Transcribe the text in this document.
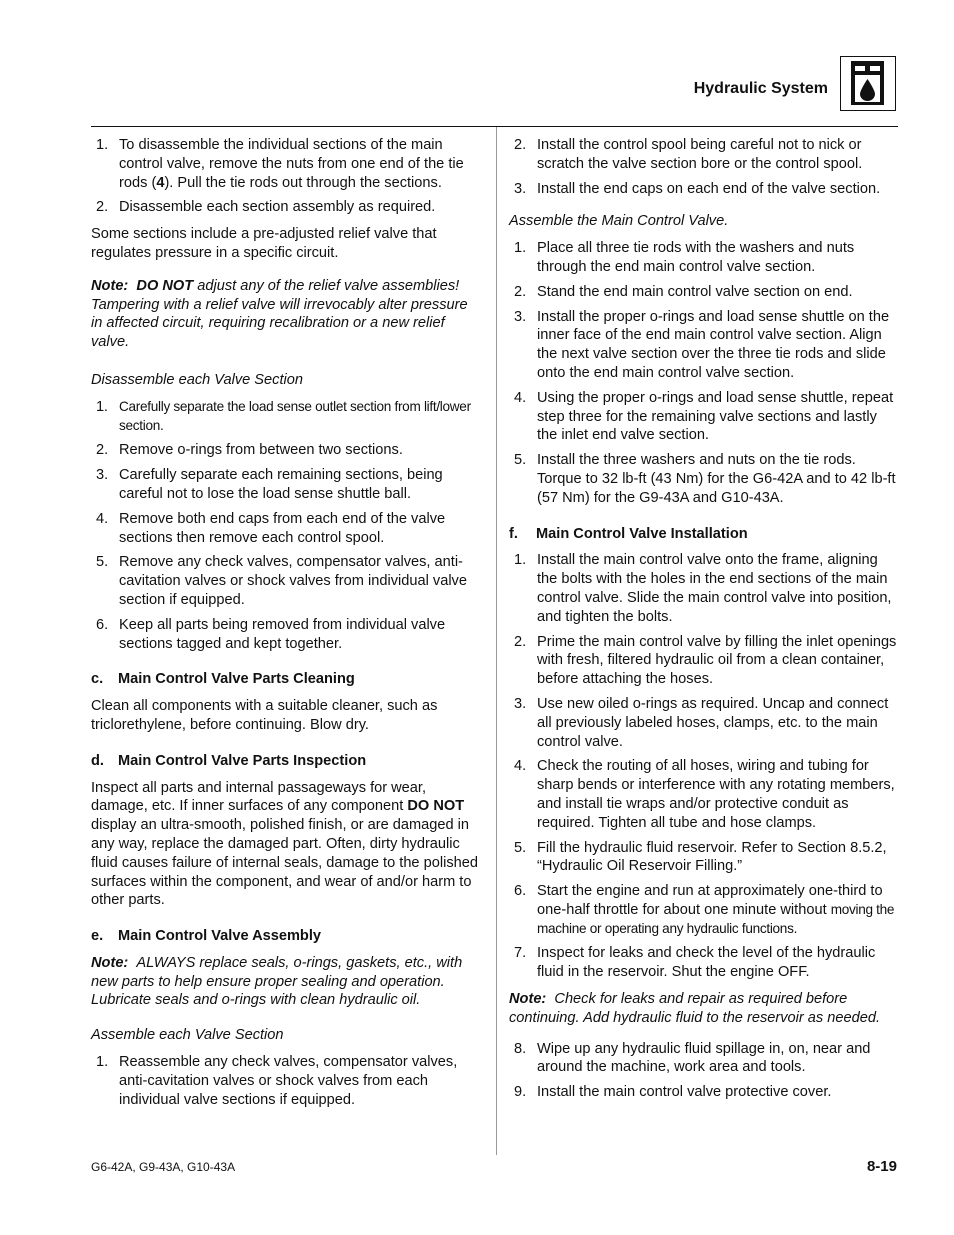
Hydraulic System
1. To disassemble the individual sections of the main control valve, remove the nuts from one end of the tie rods (4). Pull the tie rods out through the sections.
2. Disassemble each section assembly as required.

Some sections include a pre-adjusted relief valve that regulates pressure in a specific circuit.

Note: DO NOT adjust any of the relief valve assemblies! Tampering with a relief valve will irrevocably alter pressure in affected circuit, requiring recalibration or a new relief valve.

Disassemble each Valve Section
1. Carefully separate the load sense outlet section from lift/lower section.
2. Remove o-rings from between two sections.
3. Carefully separate each remaining sections, being careful not to lose the load sense shuttle ball.
4. Remove both end caps from each end of the valve sections then remove each control spool.
5. Remove any check valves, compensator valves, anti-cavitation valves or shock valves from individual valve section if equipped.
6. Keep all parts being removed from individual valve sections tagged and kept together.
c. Main Control Valve Parts Cleaning

Clean all components with a suitable cleaner, such as triclorethylene, before continuing. Blow dry.

d. Main Control Valve Parts Inspection

Inspect all parts and internal passageways for wear, damage, etc. If inner surfaces of any component DO NOT display an ultra-smooth, polished finish, or are damaged in any way, replace the damaged part. Often, dirty hydraulic fluid causes failure of internal seals, damage to the polished surfaces within the component, and wear of and/or harm to other parts.

e. Main Control Valve Assembly

Note: ALWAYS replace seals, o-rings, gaskets, etc., with new parts to help ensure proper sealing and operation. Lubricate seals and o-rings with clean hydraulic oil.

Assemble each Valve Section
1. Reassemble any check valves, compensator valves, anti-cavitation valves or shock valves from each individual valve sections if equipped.
2. Install the control spool being careful not to nick or scratch the valve section bore or the control spool.
3. Install the end caps on each end of the valve section.
Assemble the Main Control Valve.
1. Place all three tie rods with the washers and nuts through the end main control valve section.
2. Stand the end main control valve section on end.
3. Install the proper o-rings and load sense shuttle on the inner face of the end main control valve section. Align the next valve section over the three tie rods and slide onto the end main control valve section.
4. Using the proper o-rings and load sense shuttle, repeat step three for the remaining valve sections and lastly the inlet end valve section.
5. Install the three washers and nuts on the tie rods. Torque to 32 lb-ft (43 Nm) for the G6-42A and to 42 lb-ft (57 Nm) for the G9-43A and G10-43A.
f. Main Control Valve Installation
1. Install the main control valve onto the frame, aligning the bolts with the holes in the end sections of the main control valve. Slide the main control valve into position, and tighten the bolts.
2. Prime the main control valve by filling the inlet openings with fresh, filtered hydraulic oil from a clean container, before attaching the hoses.
3. Use new oiled o-rings as required. Uncap and connect all previously labeled hoses, clamps, etc. to the main control valve.
4. Check the routing of all hoses, wiring and tubing for sharp bends or interference with any rotating members, and install tie wraps and/or protective conduit as required. Tighten all tube and hose clamps.
5. Fill the hydraulic fluid reservoir. Refer to Section 8.5.2, “Hydraulic Oil Reservoir Filling.”
6. Start the engine and run at approximately one-third to one-half throttle for about one minute without moving the machine or operating any hydraulic functions.
7. Inspect for leaks and check the level of the hydraulic fluid in the reservoir. Shut the engine OFF.

Note: Check for leaks and repair as required before continuing. Add hydraulic fluid to the reservoir as needed.

8. Wipe up any hydraulic fluid spillage in, on, near and around the machine, work area and tools.
9. Install the main control valve protective cover.
G6-42A, G9-43A, G10-43A	8-19
